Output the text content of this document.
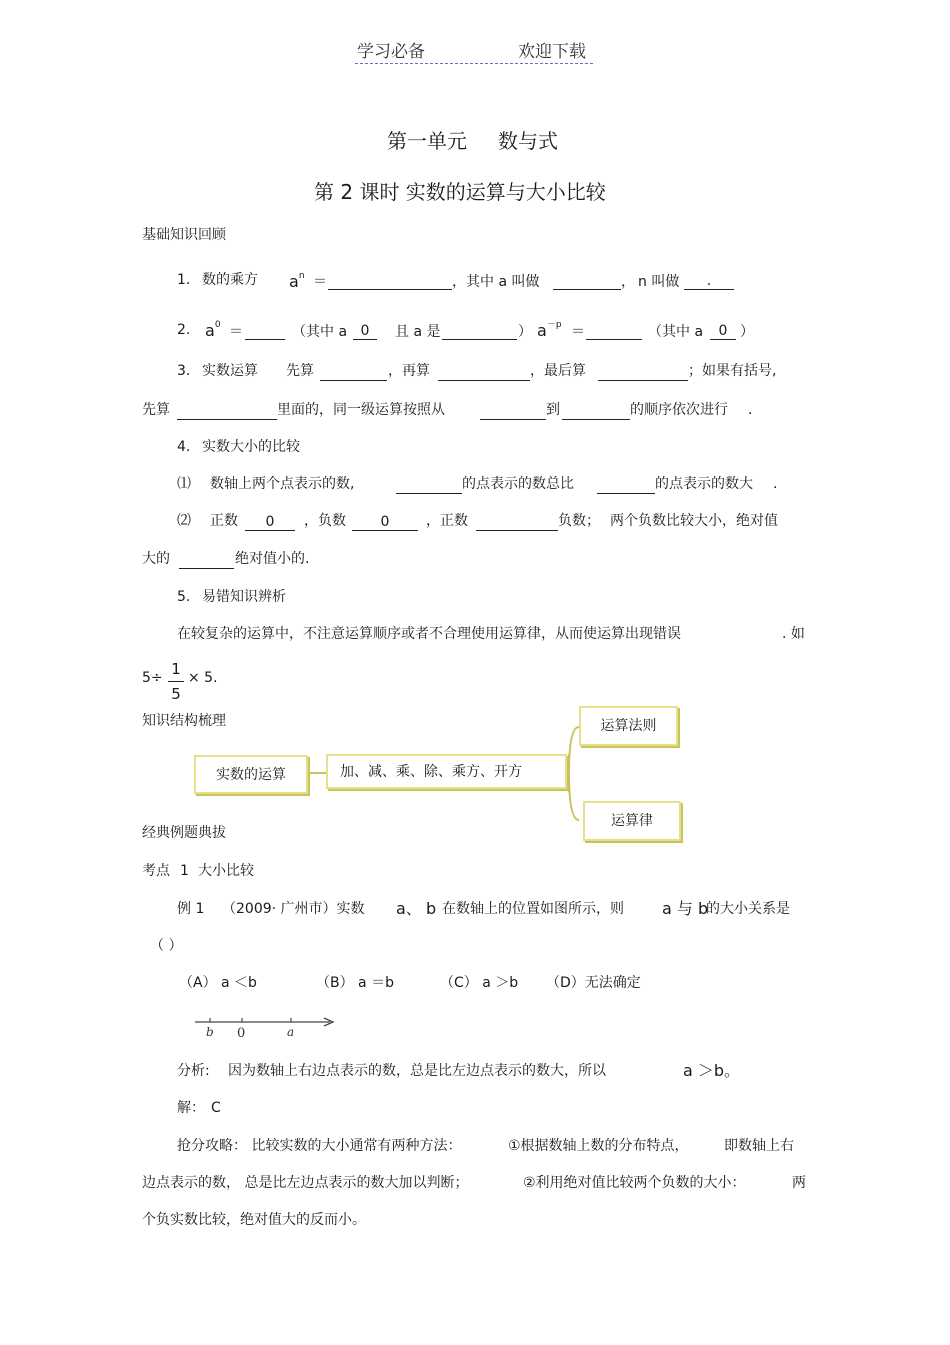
学习必备	欢迎下载
第一单元 数与式
第 2 课时 实数的运算与大小比较
基础知识回顾
1. 数的乘方 $a^n$ ＝	，其中 a 叫做	， n 叫做	.
2. $a^0$ ＝	（其中 a 0	且 a 是	） $a^{-p}$ ＝	（其中 a	0 ）
3. 实数运算 先算	，再算	，最后算	；如果有括号,
先算	里面的，同一级运算按照从	到	的顺序依次进行 .
4. 实数大小的比较
⑴ 数轴上两个点表示的数,	的点表示的数总比	的点表示的数大 .
⑵ 正数	0	，负数	0	，正数	负数； 两个负数比较大小，绝对值
大的	绝对值小的.
5. 易错知识辨析
在较复杂的运算中，不注意运算顺序或者不合理使用运算律，从而使运算出现错误	. 如
5÷ 1
5
× 5.
知识结构梳理
实数的运算	加、减、乘、除、乘方、开方
运算法则
运算律
经典例题典拔
考点 1 大小比较
例 1 （2009· 广州市）实数 a、 b 在数轴上的位置如图所示，则 a 与 b
的大小关系是
（ ）
（A） a ＜b	（B） a ＝b	（C） a ＞b （D）无法确定
b 0	a
分析: 因为数轴上右边点表示的数，总是比左边点表示的数大，所以	a ＞b。
解： C
抢分攻略： 比较实数的大小通常有两种方法：	①根据数轴上数的分布特点，	即数轴上右
边点表示的数， 总是比左边点表示的数大加以判断；	②利用绝对值比较两个负数的大小：	两
个负实数比较，绝对值大的反而小。
